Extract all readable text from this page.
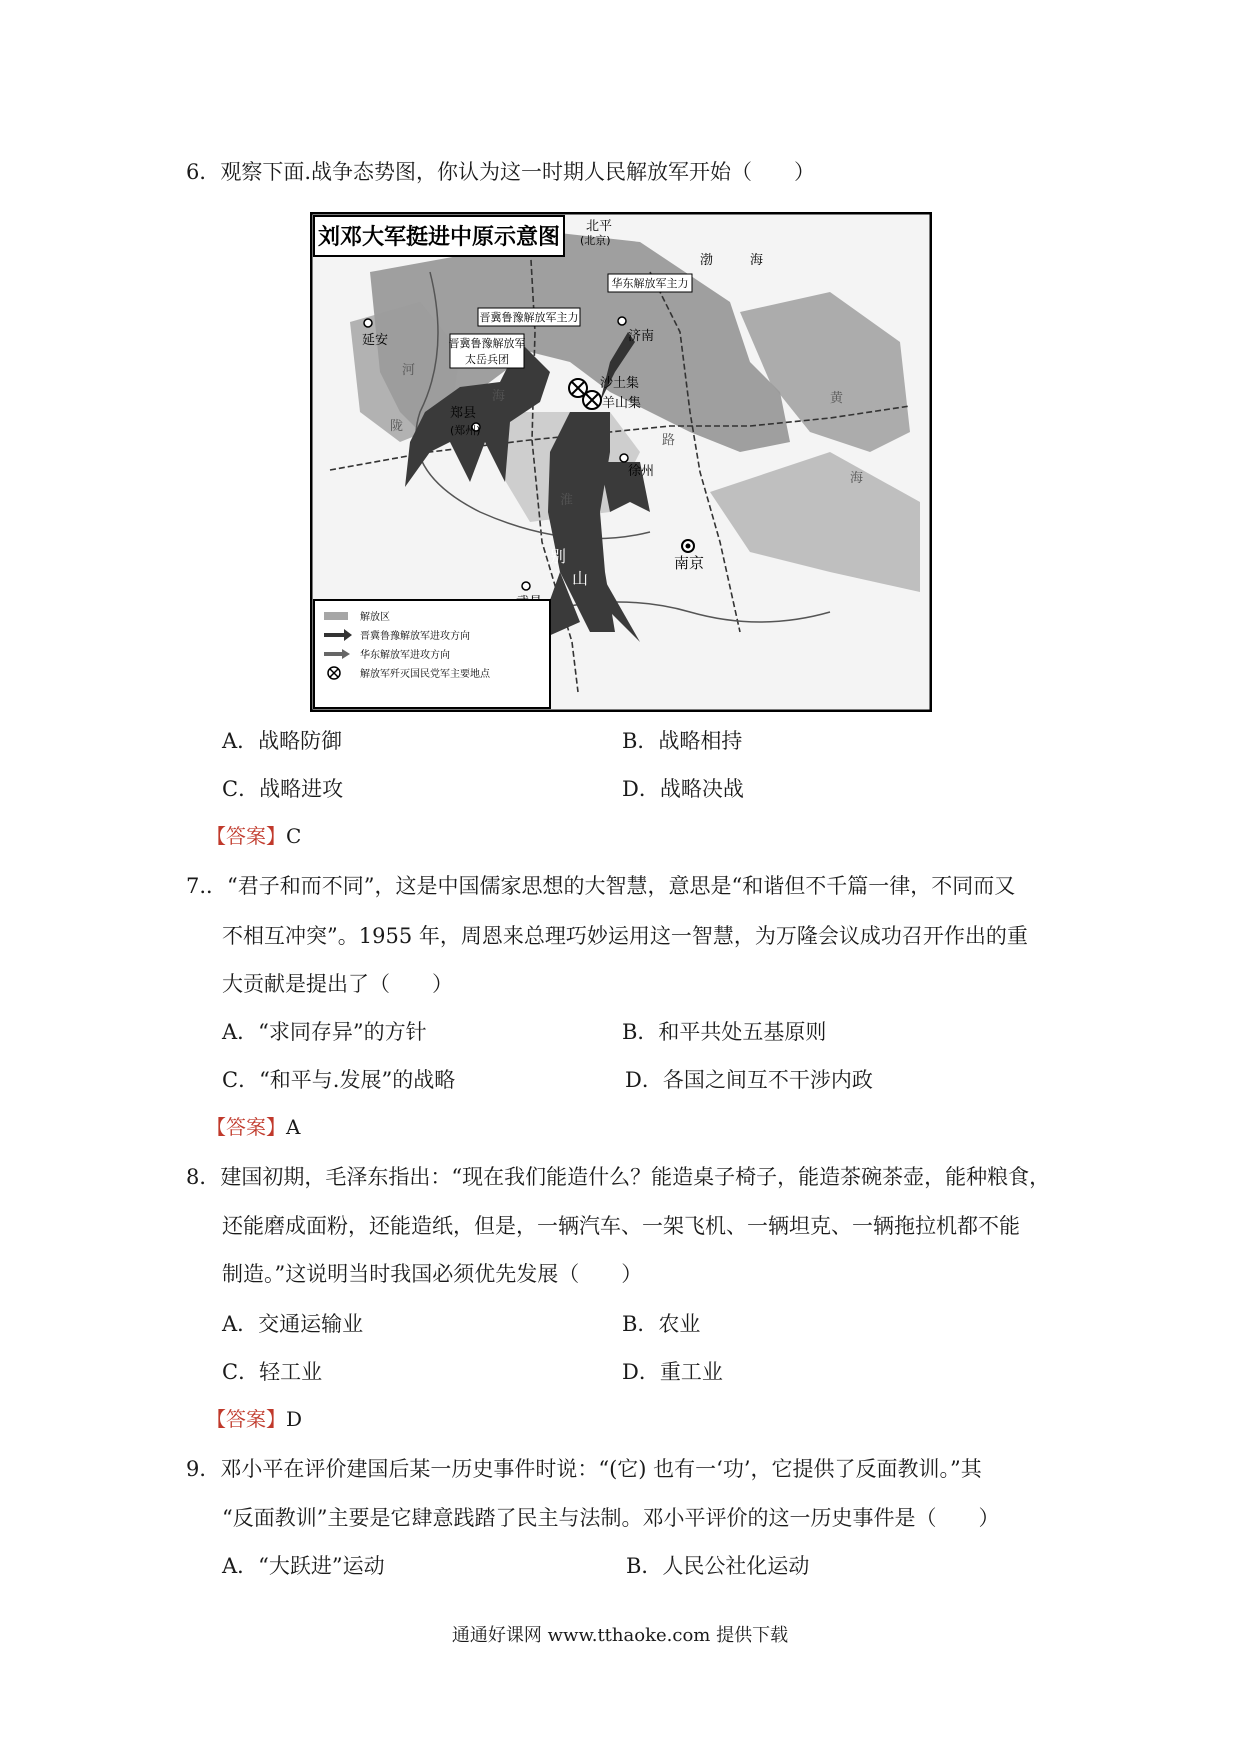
6．观察下面.战争态势图，你认为这一时期人民解放军开始（　　）
刘邓大军挺进中原示意图
华东解放军主力
晋冀鲁豫解放军主力
晋冀鲁豫解放军
太岳兵团
北平
(北京)
渤	海
延安	济南
沙土集
羊山集
郑县
(郑州)
徐州
南京
黄
海
别
山
河
陇
海
路
淮
解放区
晋冀鲁豫解放军进攻方向
华东解放军进攻方向
解放军歼灭国民党军主要地点
A．战略防御	B．战略相持
C．战略进攻	D．战略决战
【答案】C
7.．“君子和而不同”，这是中国儒家思想的大智慧，意思是“和谐但不千篇一律，不同而又
不相互冲突”。1955 年，周恩来总理巧妙运用这一智慧，为万隆会议成功召开作出的重
大贡献是提出了（　　）
A．“求同存异”的方针	B．和平共处五基原则
C．“和平与.发展”的战略	D．各国之间互不干涉内政
【答案】A
8．建国初期，毛泽东指出：“现在我们能造什么？能造桌子椅子，能造茶碗茶壶，能种粮食，
还能磨成面粉，还能造纸，但是，一辆汽车、一架飞机、一辆坦克、一辆拖拉机都不能
制造。”这说明当时我国必须优先发展（　　）
A．交通运输业	B．农业
C．轻工业	D．重工业
【答案】D
9．邓小平在评价建国后某一历史事件时说：“(它) 也有一‘功’，它提供了反面教训。”其
“反面教训”主要是它肆意践踏了民主与法制。邓小平评价的这一历史事件是（　　）
A．“大跃进”运动	B．人民公社化运动
通通好课网 www.tthaoke.com 提供下载
